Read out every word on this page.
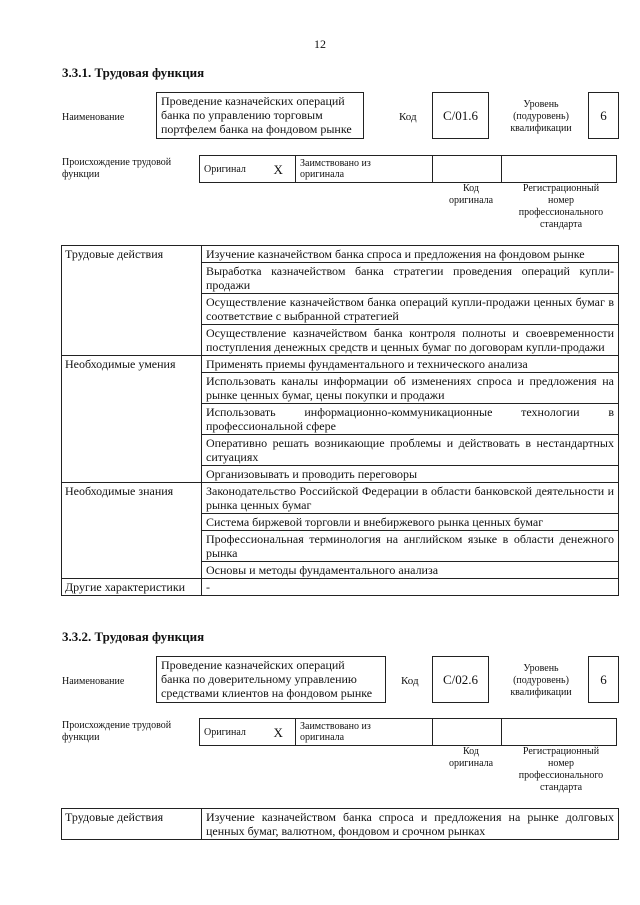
12
3.3.1. Трудовая функция
Наименование
Проведение казначейских операций
банка по управлению торговым
портфелем банка на фондовом рынке
Код	С/01.6
Уровень
(подуровень)
квалификации
6
Происхождение трудовой
функции	Оригинал	X	Заимствовано из
оригинала

Код
оригинала
Регистрационный
номер
профессионального
стандарта
Трудовые действия	Изучение казначейством банка спроса и предложения на фондовом рынке
	Выработка казначейством банка стратегии проведения операций купли-продажи
	Осуществление казначейством банка операций купли-продажи ценных бумаг в соответствие с выбранной стратегией
	Осуществление казначейством банка контроля полноты и своевременности поступления денежных средств и ценных бумаг по договорам купли-продажи
Необходимые умения	Применять приемы фундаментального и технического анализа
	Использовать каналы информации об изменениях спроса и предложения на рынке ценных бумаг, цены покупки и продажи
	Использовать информационно-коммуникационные технологии в профессиональной сфере
	Оперативно решать возникающие проблемы и действовать в нестандартных ситуациях
	Организовывать и проводить переговоры
Необходимые знания	Законодательство Российской Федерации в области банковской деятельности и рынка ценных бумаг
	Система биржевой торговли и внебиржевого рынка ценных бумаг
	Профессиональная терминология на английском языке в области денежного рынка
	Основы и методы фундаментального анализа
Другие характеристики	-
3.3.2. Трудовая функция
Наименование
Проведение казначейских операций
банка по доверительному управлению
средствами клиентов на фондовом рынке
Код	С/02.6
Уровень
(подуровень)
квалификации
6
Происхождение трудовой
функции	Оригинал	X	Заимствовано из
оригинала

Код
оригинала
Регистрационный
номер
профессионального
стандарта
Трудовые действия	Изучение казначейством банка спроса и предложения на рынке долговых ценных бумаг, валютном, фондовом и срочном рынках
